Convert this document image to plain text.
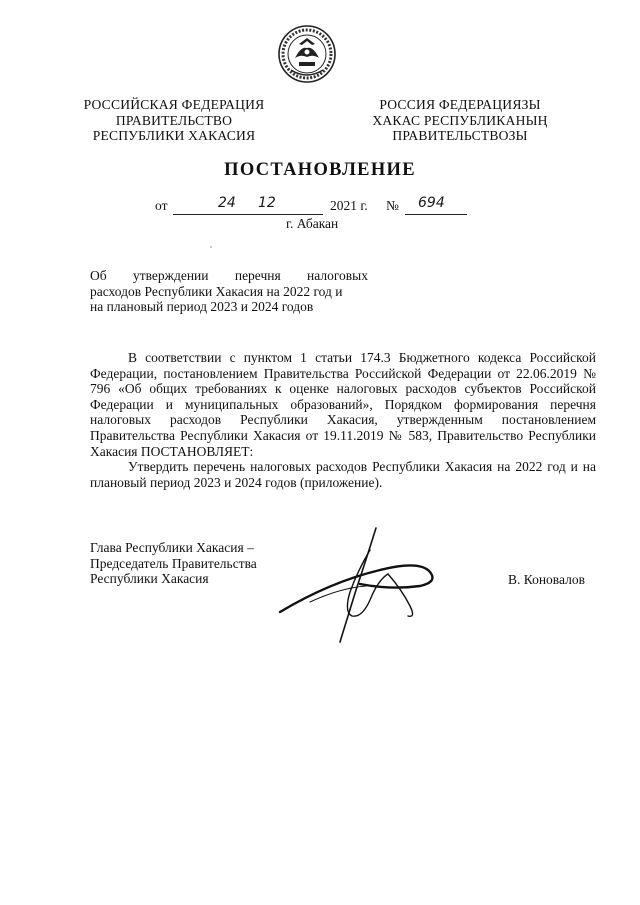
РОССИЙСКАЯ ФЕДЕРАЦИЯ
ПРАВИТЕЛЬСТВО
РЕСПУБЛИКИ ХАКАСИЯ
РОССИЯ ФЕДЕРАЦИЯЗЫ
ХАКАС РЕСПУБЛИКАНЫҢ
ПРАВИТЕЛЬСТВОЗЫ
ПОСТАНОВЛЕНИЕ
от	24 12	2021 г. № 694
г. Абакан
Об утверждении перечня налоговых
расходов Республики Хакасия на 2022 год и
на плановый период 2023 и 2024 годов

В соответствии с пунктом 1 статьи 174.3 Бюджетного кодекса Российской Федерации, постановлением Правительства Российской Федерации от 22.06.2019 № 796 «Об общих требованиях к оценке налоговых расходов субъектов Российской Федерации и муниципальных образований», Порядком формирования перечня налоговых расходов Республики Хакасия, утвержденным постановлением Правительства Республики Хакасия от 19.11.2019 № 583, Правительство Республики Хакасия ПОСТАНОВЛЯЕТ:

Утвердить перечень налоговых расходов Республики Хакасия на 2022 год и на плановый период 2023 и 2024 годов (приложение).

Глава Республики Хакасия –
Председатель Правительства
Республики Хакасия	В. Коновалов
